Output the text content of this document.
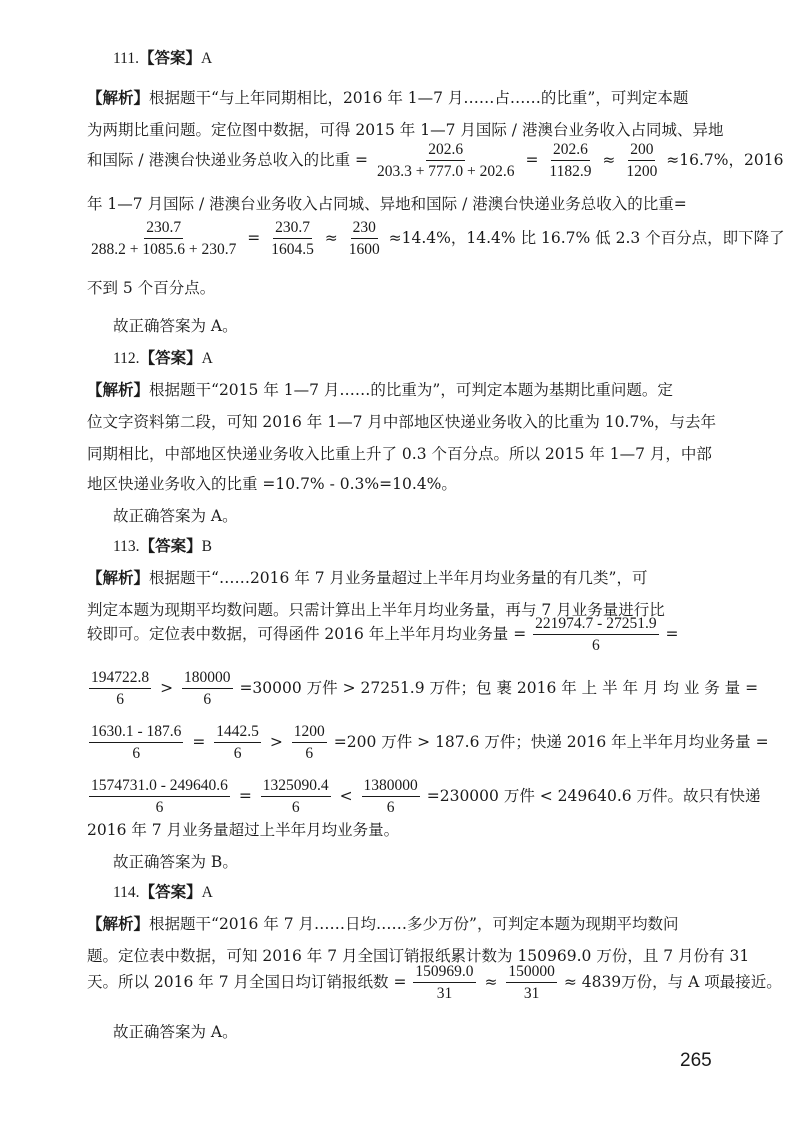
111.【答案】A
【解析】根据题干“与上年同期相比，2016 年 1—7 月……占……的比重”，可判定本题
为两期比重问题。定位图中数据，可得 2015 年 1—7 月国际 / 港澳台业务收入占同城、异地
和国际 / 港澳台快递业务总收入的比重 = $\frac{202.6}{203.3 + 777.0 + 202.6} = \frac{202.6}{1182.9} \approx \frac{200}{1200} \approx 16.7\%$，2016
年 1—7 月国际 / 港澳台业务收入占同城、异地和国际 / 港澳台快递业务总收入的比重=
$\frac{230.7}{288.2 + 1085.6 + 230.7} = \frac{230.7}{1604.5} \approx \frac{230}{1600} \approx 14.4\%$，14.4% 比 16.7% 低 2.3 个百分点，即下降了
不到 5 个百分点。
故正确答案为 A。
112.【答案】A
【解析】根据题干“2015 年 1—7 月……的比重为”，可判定本题为基期比重问题。定
位文字资料第二段，可知 2016 年 1—7 月中部地区快递业务收入的比重为 10.7%，与去年
同期相比，中部地区快递业务收入比重上升了 0.3 个百分点。所以 2015 年 1—7 月，中部
地区快递业务收入的比重 =10.7% - 0.3%=10.4%。
故正确答案为 A。
113.【答案】B
【解析】根据题干“……2016 年 7 月业务量超过上半年月均业务量的有几类”，可
判定本题为现期平均数问题。只需计算出上半年月均业务量，再与 7 月业务量进行比
较即可。定位表中数据，可得函件 2016 年上半年月均业务量 = $\frac{221974.7 - 27251.9}{6}$ =
$\frac{194722.8}{6} > \frac{180000}{6} =30000$ 万件 > 27251.9 万件；包 裹 2016 年 上 半 年 月 均 业 务 量 =
$\frac{1630.1 - 187.6}{6} = \frac{1442.5}{6} > \frac{1200}{6} =200$ 万件 > 187.6 万件；快递 2016 年上半年月均业务量 =
$\frac{1574731.0 - 249640.6}{6} = \frac{1325090.4}{6} < \frac{1380000}{6} =230000$ 万件 < 249640.6 万件。故只有快递
2016 年 7 月业务量超过上半年月均业务量。
故正确答案为 B。
114.【答案】A
【解析】根据题干“2016 年 7 月……日均……多少万份”，可判定本题为现期平均数问
题。定位表中数据，可知 2016 年 7 月全国订销报纸累计数为 150969.0 万份，且 7 月份有 31
天。所以 2016 年 7 月全国日均订销报纸数 = $\frac{150969.0}{31} \approx \frac{150000}{31} \approx 4839$万份，与 A 项最接近。
故正确答案为 A。
265
